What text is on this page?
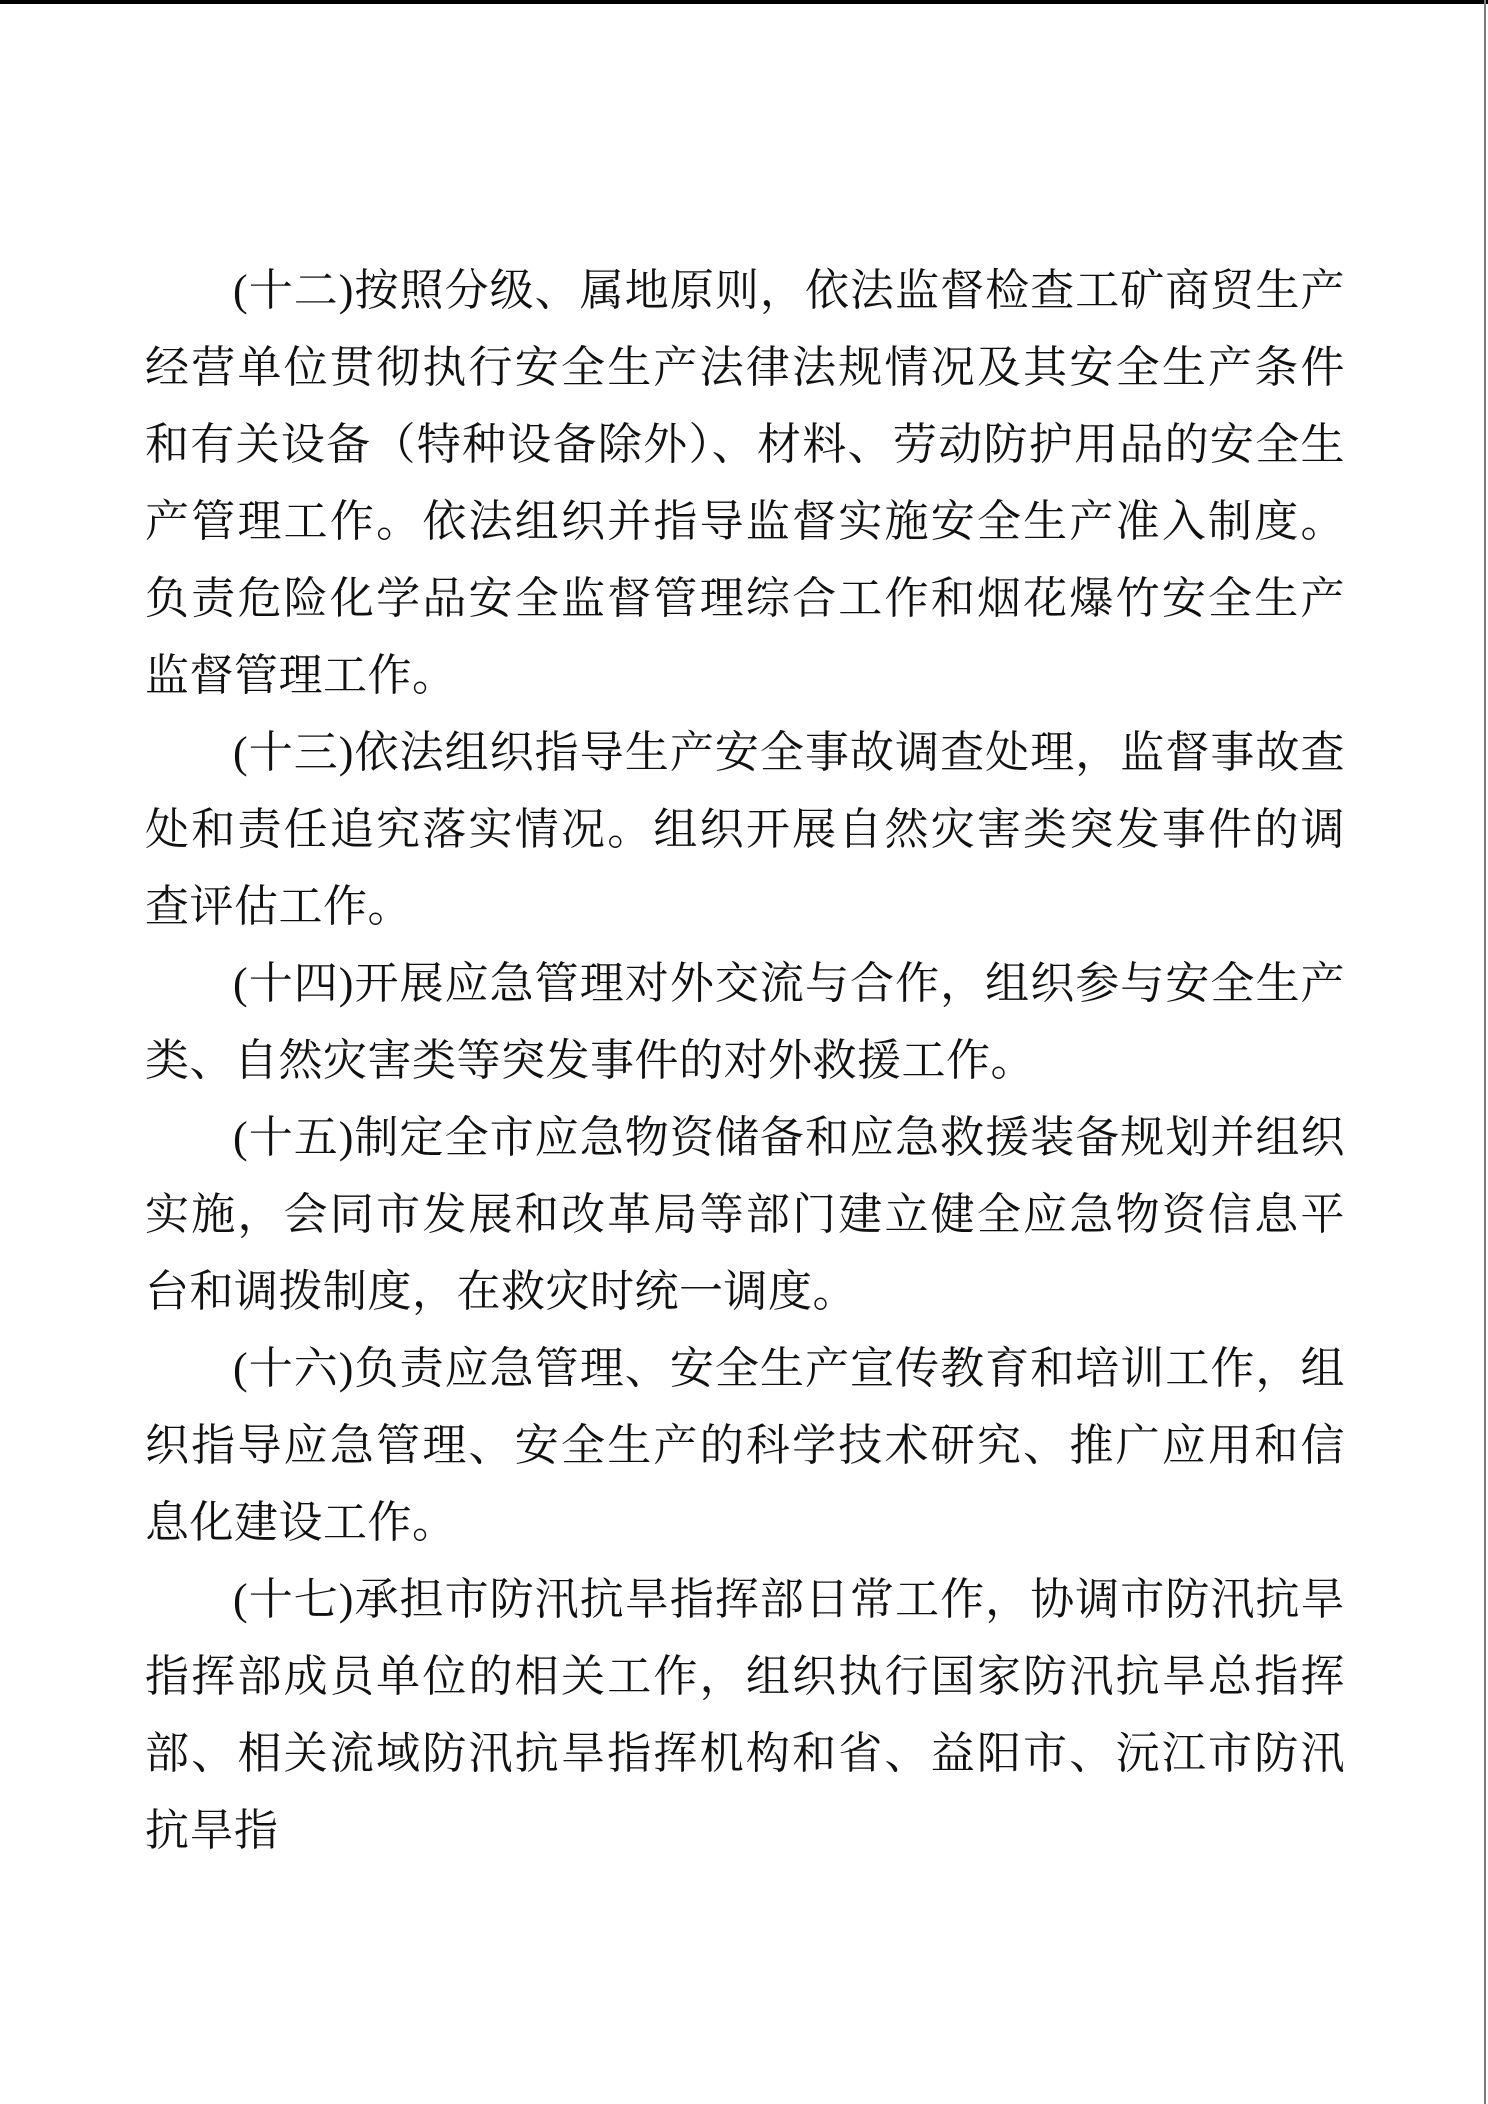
(十二)按照分级、属地原则，依法监督检查工矿商贸生产经营单位贯彻执行安全生产法律法规情况及其安全生产条件和有关设备（特种设备除外）、材料、劳动防护用品的安全生产管理工作。依法组织并指导监督实施安全生产准入制度。负责危险化学品安全监督管理综合工作和烟花爆竹安全生产监督管理工作。

(十三)依法组织指导生产安全事故调查处理，监督事故查处和责任追究落实情况。组织开展自然灾害类突发事件的调查评估工作。

(十四)开展应急管理对外交流与合作，组织参与安全生产类、自然灾害类等突发事件的对外救援工作。

(十五)制定全市应急物资储备和应急救援装备规划并组织实施，会同市发展和改革局等部门建立健全应急物资信息平台和调拨制度，在救灾时统一调度。

(十六)负责应急管理、安全生产宣传教育和培训工作，组织指导应急管理、安全生产的科学技术研究、推广应用和信息化建设工作。

(十七)承担市防汛抗旱指挥部日常工作，协调市防汛抗旱指挥部成员单位的相关工作，组织执行国家防汛抗旱总指挥部、相关流域防汛抗旱指挥机构和省、益阳市、沅江市防汛抗旱指
